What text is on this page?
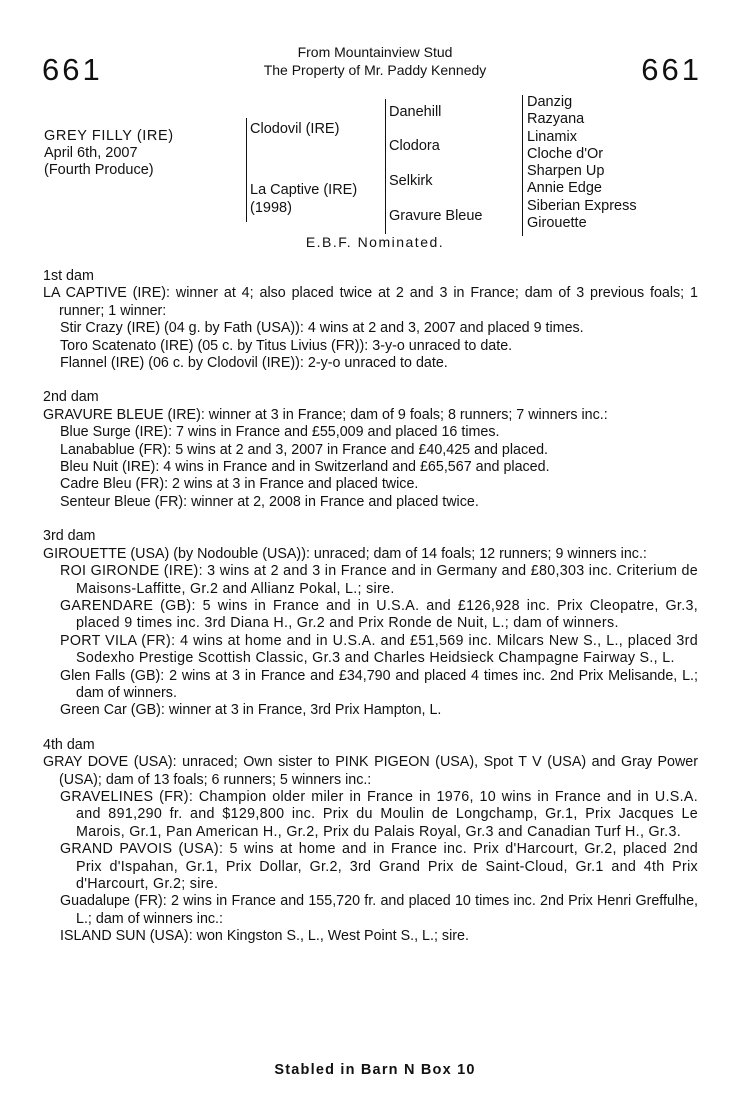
661	661
From Mountainview Stud
The Property of Mr. Paddy Kennedy
GREY FILLY (IRE)
April 6th, 2007
(Fourth Produce)
Clodovil (IRE)
La Captive (IRE)
(1998)
Danehill
Clodora
Selkirk
Gravure Bleue
Danzig
Razyana
Linamix
Cloche d'Or
Sharpen Up
Annie Edge
Siberian Express
Girouette
E.B.F. Nominated.
1st dam
LA CAPTIVE (IRE): winner at 4; also placed twice at 2 and 3 in France; dam of 3 previous foals; 1 runner; 1 winner:
Stir Crazy (IRE) (04 g. by Fath (USA)): 4 wins at 2 and 3, 2007 and placed 9 times.
Toro Scatenato (IRE) (05 c. by Titus Livius (FR)): 3-y-o unraced to date.
Flannel (IRE) (06 c. by Clodovil (IRE)): 2-y-o unraced to date.
2nd dam
GRAVURE BLEUE (IRE): winner at 3 in France; dam of 9 foals; 8 runners; 7 winners inc.:
Blue Surge (IRE): 7 wins in France and £55,009 and placed 16 times.
Lanabablue (FR): 5 wins at 2 and 3, 2007 in France and £40,425 and placed.
Bleu Nuit (IRE): 4 wins in France and in Switzerland and £65,567 and placed.
Cadre Bleu (FR): 2 wins at 3 in France and placed twice.
Senteur Bleue (FR): winner at 2, 2008 in France and placed twice.
3rd dam
GIROUETTE (USA) (by Nodouble (USA)): unraced; dam of 14 foals; 12 runners; 9 winners inc.:
ROI GIRONDE (IRE): 3 wins at 2 and 3 in France and in Germany and £80,303 inc. Criterium de Maisons-Laffitte, Gr.2 and Allianz Pokal, L.; sire.
GARENDARE (GB): 5 wins in France and in U.S.A. and £126,928 inc. Prix Cleopatre, Gr.3, placed 9 times inc. 3rd Diana H., Gr.2 and Prix Ronde de Nuit, L.; dam of winners.
PORT VILA (FR): 4 wins at home and in U.S.A. and £51,569 inc. Milcars New S., L., placed 3rd Sodexho Prestige Scottish Classic, Gr.3 and Charles Heidsieck Champagne Fairway S., L.
Glen Falls (GB): 2 wins at 3 in France and £34,790 and placed 4 times inc. 2nd Prix Melisande, L.; dam of winners.
Green Car (GB): winner at 3 in France, 3rd Prix Hampton, L.
4th dam
GRAY DOVE (USA): unraced; Own sister to PINK PIGEON (USA), Spot T V (USA) and Gray Power (USA); dam of 13 foals; 6 runners; 5 winners inc.:
GRAVELINES (FR): Champion older miler in France in 1976, 10 wins in France and in U.S.A. and 891,290 fr. and $129,800 inc. Prix du Moulin de Longchamp, Gr.1, Prix Jacques Le Marois, Gr.1, Pan American H., Gr.2, Prix du Palais Royal, Gr.3 and Canadian Turf H., Gr.3.
GRAND PAVOIS (USA): 5 wins at home and in France inc. Prix d'Harcourt, Gr.2, placed 2nd Prix d'Ispahan, Gr.1, Prix Dollar, Gr.2, 3rd Grand Prix de Saint-Cloud, Gr.1 and 4th Prix d'Harcourt, Gr.2; sire.
Guadalupe (FR): 2 wins in France and 155,720 fr. and placed 10 times inc. 2nd Prix Henri Greffulhe, L.; dam of winners inc.:
ISLAND SUN (USA): won Kingston S., L., West Point S., L.; sire.
Stabled in Barn N Box 10
